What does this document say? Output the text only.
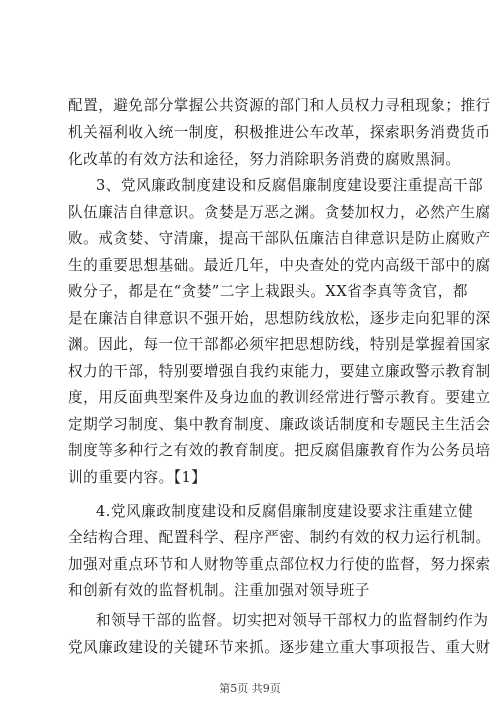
配置，避免部分掌握公共资源的部门和人员权力寻租现象；推行
机关福利收入统一制度，积极推进公车改革，探索职务消费货币
化改革的有效方法和途径，努力消除职务消费的腐败黑洞。
3、党风廉政制度建设和反腐倡廉制度建设要注重提高干部
队伍廉洁自律意识。贪婪是万恶之渊。贪婪加权力，必然产生腐
败。戒贪婪、守清廉，提高干部队伍廉洁自律意识是防止腐败产
生的重要思想基础。最近几年，中央查处的党内高级干部中的腐
败分子，都是在“贪婪”二字上栽跟头。XX省李真等贪官，都
是在廉洁自律意识不强开始，思想防线放松，逐步走向犯罪的深
渊。因此，每一位干部都必须牢把思想防线，特别是掌握着国家
权力的干部，特别要增强自我约束能力，要建立廉政警示教育制
度，用反面典型案件及身边血的教训经常进行警示教育。要建立
定期学习制度、集中教育制度、廉政谈话制度和专题民主生活会
制度等多种行之有效的教育制度。把反腐倡廉教育作为公务员培
训的重要内容。【1】
4.党风廉政制度建设和反腐倡廉制度建设要求注重建立健
全结构合理、配置科学、程序严密、制约有效的权力运行机制。
加强对重点环节和人财物等重点部位权力行使的监督，努力探索
和创新有效的监督机制。注重加强对领导班子
和领导干部的监督。切实把对领导干部权力的监督制约作为
党风廉政建设的关键环节来抓。逐步建立重大事项报告、重大财
第5页 共9页
